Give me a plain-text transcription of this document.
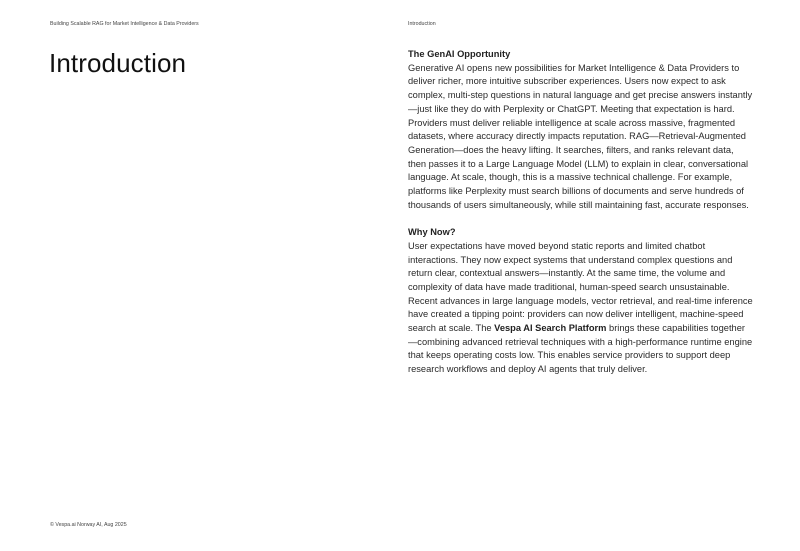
Building Scalable RAG for Market Intelligence & Data Providers	Introduction
Introduction	The GenAI Opportunity

Generative AI opens new possibilities for Market Intelligence & Data Providers to deliver richer, more intuitive subscriber experiences. Users now expect to ask complex, multi-step questions in natural language and get precise answers instantly—just like they do with Perplexity or ChatGPT. Meeting that expectation is hard. Providers must deliver reliable intelligence at scale across massive, fragmented datasets, where accuracy directly impacts reputation. RAG—Retrieval-Augmented Generation—does the heavy lifting. It searches, filters, and ranks relevant data, then passes it to a Large Language Model (LLM) to explain in clear, conversational language. At scale, though, this is a massive technical challenge. For example, platforms like Perplexity must search billions of documents and serve hundreds of thousands of users simultaneously, while still maintaining fast, accurate responses.

Why Now?

User expectations have moved beyond static reports and limited chatbot interactions. They now expect systems that understand complex questions and return clear, contextual answers—instantly. At the same time, the volume and complexity of data have made traditional, human-speed search unsustainable. Recent advances in large language models, vector retrieval, and real-time inference have created a tipping point: providers can now deliver intelligent, machine-speed search at scale. The Vespa AI Search Platform brings these capabilities together—combining advanced retrieval techniques with a high-performance runtime engine that keeps operating costs low. This enables service providers to support deep research workflows and deploy AI agents that truly deliver.

© Vespa.ai Norway AI, Aug 2025
